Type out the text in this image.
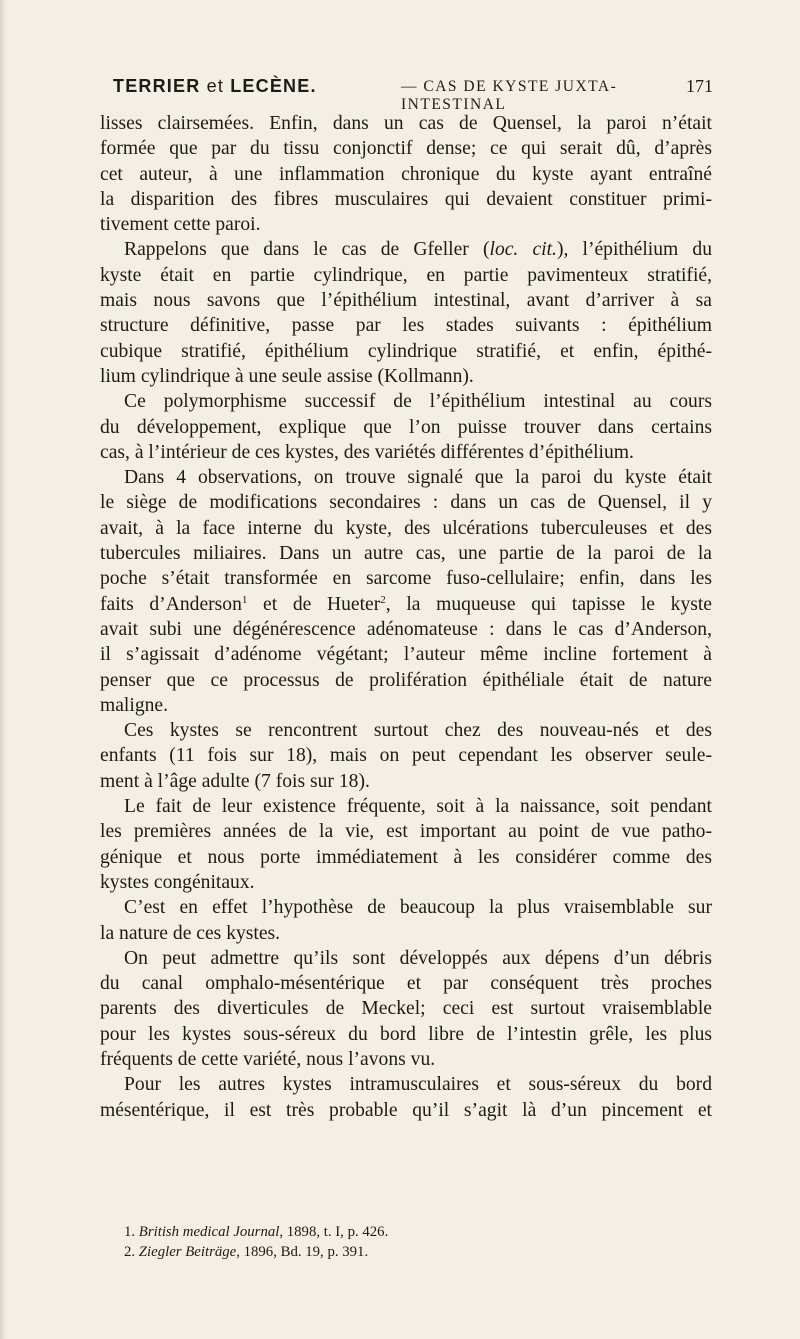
TERRIER et LECÈNE.	— CAS DE KYSTE JUXTA-INTESTINAL
171
lisses clairsemées. Enfin, dans un cas de Quensel, la paroi n’était
formée que par du tissu conjonctif dense; ce qui serait dû, d’après
cet auteur, à une inflammation chronique du kyste ayant entraîné
la disparition des fibres musculaires qui devaient constituer primi-
tivement cette paroi.
Rappelons que dans le cas de Gfeller (loc. cit.), l’épithélium du
kyste était en partie cylindrique, en partie pavimenteux stratifié,
mais nous savons que l’épithélium intestinal, avant d’arriver à sa
structure définitive, passe par les stades suivants : épithélium
cubique stratifié, épithélium cylindrique stratifié, et enfin, épithé-
lium cylindrique à une seule assise (Kollmann).
Ce polymorphisme successif de l’épithélium intestinal au cours
du développement, explique que l’on puisse trouver dans certains
cas, à l’intérieur de ces kystes, des variétés différentes d’épithélium.
Dans 4 observations, on trouve signalé que la paroi du kyste était
le siège de modifications secondaires : dans un cas de Quensel, il y
avait, à la face interne du kyste, des ulcérations tuberculeuses et des
tubercules miliaires. Dans un autre cas, une partie de la paroi de la
poche s’était transformée en sarcome fuso-cellulaire; enfin, dans les
faits d’Anderson$^1$ et de Hueter$^2$, la muqueuse qui tapisse le kyste
avait subi une dégénérescence adénomateuse : dans le cas d’Anderson,
il s’agissait d’adénome végétant; l’auteur même incline fortement à
penser que ce processus de prolifération épithéliale était de nature
maligne.
Ces kystes se rencontrent surtout chez des nouveau-nés et des
enfants (11 fois sur 18), mais on peut cependant les observer seule-
ment à l’âge adulte (7 fois sur 18).
Le fait de leur existence fréquente, soit à la naissance, soit pendant
les premières années de la vie, est important au point de vue patho-
génique et nous porte immédiatement à les considérer comme des
kystes congénitaux.
C’est en effet l’hypothèse de beaucoup la plus vraisemblable sur
la nature de ces kystes.
On peut admettre qu’ils sont développés aux dépens d’un débris
du canal omphalo-mésentérique et par conséquent très proches
parents des diverticules de Meckel; ceci est surtout vraisemblable
pour les kystes sous-séreux du bord libre de l’intestin grêle, les plus
fréquents de cette variété, nous l’avons vu.
Pour les autres kystes intramusculaires et sous-séreux du bord
mésentérique, il est très probable qu’il s’agit là d’un pincement et
1. British medical Journal, 1898, t. I, p. 426.
2. Ziegler Beiträge, 1896, Bd. 19, p. 391.
